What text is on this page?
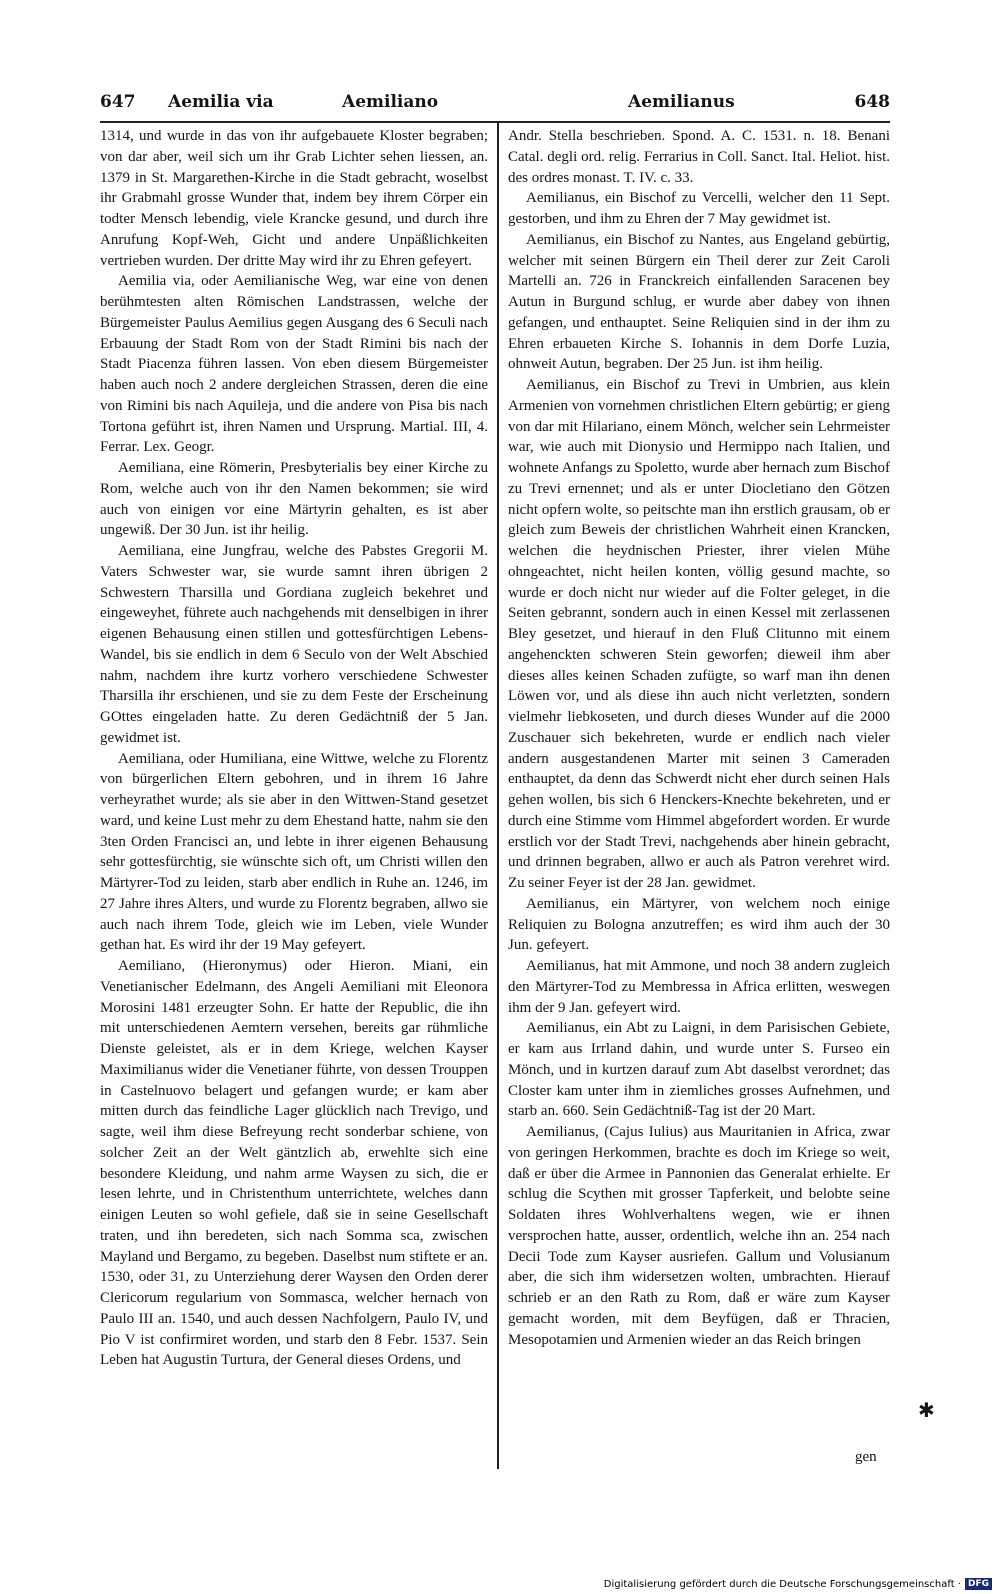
647 Aemilia via	Aemiliano	Aemilianus	648

1314, und wurde in das von ihr aufgebauete Kloster begraben; von dar aber, weil sich um ihr Grab Lichter sehen liessen, an. 1379 in St. Margarethen-Kirche in die Stadt gebracht, woselbst ihr Grabmahl grosse Wunder that, indem bey ihrem Cörper ein todter Mensch lebendig, viele Krancke gesund, und durch ihre Anrufung Kopf-Weh, Gicht und andere Unpäßlichkeiten vertrieben wurden. Der dritte May wird ihr zu Ehren gefeyert.

Aemilia via, oder Aemilianische Weg, war eine von denen berühmtesten alten Römischen Landstrassen, welche der Bürgemeister Paulus Aemilius gegen Ausgang des 6 Seculi nach Erbauung der Stadt Rom von der Stadt Rimini bis nach der Stadt Piacenza führen lassen. Von eben diesem Bürgemeister haben auch noch 2 andere dergleichen Strassen, deren die eine von Rimini bis nach Aquileja, und die andere von Pisa bis nach Tortona geführt ist, ihren Namen und Ursprung. Martial. III, 4. Ferrar. Lex. Geogr.

Aemiliana, eine Römerin, Presbyterialis bey einer Kirche zu Rom, welche auch von ihr den Namen bekommen; sie wird auch von einigen vor eine Märtyrin gehalten, es ist aber ungewiß. Der 30 Jun. ist ihr heilig.

Aemiliana, eine Jungfrau, welche des Pabstes Gregorii M. Vaters Schwester war, sie wurde samnt ihren übrigen 2 Schwestern Tharsilla und Gordiana zugleich bekehret und eingeweyhet, führete auch nachgehends mit denselbigen in ihrer eigenen Behausung einen stillen und gottesfürchtigen Lebens-Wandel, bis sie endlich in dem 6 Seculo von der Welt Abschied nahm, nachdem ihre kurtz vorhero verschiedene Schwester Tharsilla ihr erschienen, und sie zu dem Feste der Erscheinung GOttes eingeladen hatte. Zu deren Gedächtniß der 5 Jan. gewidmet ist.

Aemiliana, oder Humiliana, eine Wittwe, welche zu Florentz von bürgerlichen Eltern gebohren, und in ihrem 16 Jahre verheyrathet wurde; als sie aber in den Wittwen-Stand gesetzet ward, und keine Lust mehr zu dem Ehestand hatte, nahm sie den 3ten Orden Francisci an, und lebte in ihrer eigenen Behausung sehr gottesfürchtig, sie wünschte sich oft, um Christi willen den Märtyrer-Tod zu leiden, starb aber endlich in Ruhe an. 1246, im 27 Jahre ihres Alters, und wurde zu Florentz begraben, allwo sie auch nach ihrem Tode, gleich wie im Leben, viele Wunder gethan hat. Es wird ihr der 19 May gefeyert.

Aemiliano, (Hieronymus) oder Hieron. Miani, ein Venetianischer Edelmann, des Angeli Aemiliani mit Eleonora Morosini 1481 erzeugter Sohn. Er hatte der Republic, die ihn mit unterschiedenen Aemtern versehen, bereits gar rühmliche Dienste geleistet, als er in dem Kriege, welchen Kayser Maximilianus wider die Venetianer führte, von dessen Trouppen in Castelnuovo belagert und gefangen wurde; er kam aber mitten durch das feindliche Lager glücklich nach Trevigo, und sagte, weil ihm diese Befreyung recht sonderbar schiene, von solcher Zeit an der Welt gäntzlich ab, erwehlte sich eine besondere Kleidung, und nahm arme Waysen zu sich, die er lesen lehrte, und in Christenthum unterrichtete, welches dann einigen Leuten so wohl gefiele, daß sie in seine Gesellschaft traten, und ihn beredeten, sich nach Somma sca, zwischen Mayland und Bergamo, zu begeben. Daselbst num stiftete er an. 1530, oder 31, zu Unterziehung derer Waysen den Orden derer Clericorum regularium von Sommasca, welcher hernach von Paulo III an. 1540, und auch dessen Nachfolgern, Paulo IV, und Pio V ist confirmiret worden, und starb den 8 Febr. 1537. Sein Leben hat Augustin Turtura, der General dieses Ordens, und

Andr. Stella beschrieben. Spond. A. C. 1531. n. 18. Benani Catal. degli ord. relig. Ferrarius in Coll. Sanct. Ital. Heliot. hist. des ordres monast. T. IV. c. 33.

Aemilianus, ein Bischof zu Vercelli, welcher den 11 Sept. gestorben, und ihm zu Ehren der 7 May gewidmet ist.

Aemilianus, ein Bischof zu Nantes, aus Engeland gebürtig, welcher mit seinen Bürgern ein Theil derer zur Zeit Caroli Martelli an. 726 in Franckreich einfallenden Saracenen bey Autun in Burgund schlug, er wurde aber dabey von ihnen gefangen, und enthauptet. Seine Reliquien sind in der ihm zu Ehren erbaueten Kirche S. Iohannis in dem Dorfe Luzia, ohnweit Autun, begraben. Der 25 Jun. ist ihm heilig.

Aemilianus, ein Bischof zu Trevi in Umbrien, aus klein Armenien von vornehmen christlichen Eltern gebürtig; er gieng von dar mit Hilariano, einem Mönch, welcher sein Lehrmeister war, wie auch mit Dionysio und Hermippo nach Italien, und wohnete Anfangs zu Spoletto, wurde aber hernach zum Bischof zu Trevi ernennet; und als er unter Diocletiano den Götzen nicht opfern wolte, so peitschte man ihn erstlich grausam, ob er gleich zum Beweis der christlichen Wahrheit einen Krancken, welchen die heydnischen Priester, ihrer vielen Mühe ohngeachtet, nicht heilen konten, völlig gesund machte, so wurde er doch nicht nur wieder auf die Folter geleget, in die Seiten gebrannt, sondern auch in einen Kessel mit zerlassenen Bley gesetzet, und hierauf in den Fluß Clitunno mit einem angehenckten schweren Stein geworfen; dieweil ihm aber dieses alles keinen Schaden zufügte, so warf man ihn denen Löwen vor, und als diese ihn auch nicht verletzten, sondern vielmehr liebkoseten, und durch dieses Wunder auf die 2000 Zuschauer sich bekehreten, wurde er endlich nach vieler andern ausgestandenen Marter mit seinen 3 Cameraden enthauptet, da denn das Schwerdt nicht eher durch seinen Hals gehen wollen, bis sich 6 Henckers-Knechte bekehreten, und er durch eine Stimme vom Himmel abgefordert worden. Er wurde erstlich vor der Stadt Trevi, nachgehends aber hinein gebracht, und drinnen begraben, allwo er auch als Patron verehret wird. Zu seiner Feyer ist der 28 Jan. gewidmet.

Aemilianus, ein Märtyrer, von welchem noch einige Reliquien zu Bologna anzutreffen; es wird ihm auch der 30 Jun. gefeyert.

Aemilianus, hat mit Ammone, und noch 38 andern zugleich den Märtyrer-Tod zu Membressa in Africa erlitten, weswegen ihm der 9 Jan. gefeyert wird.

Aemilianus, ein Abt zu Laigni, in dem Parisischen Gebiete, er kam aus Irrland dahin, und wurde unter S. Furseo ein Mönch, und in kurtzen darauf zum Abt daselbst verordnet; das Closter kam unter ihm in ziemliches grosses Aufnehmen, und starb an. 660. Sein Gedächtniß-Tag ist der 20 Mart.

Aemilianus, (Cajus Iulius) aus Mauritanien in Africa, zwar von geringen Herkommen, brachte es doch im Kriege so weit, daß er über die Armee in Pannonien das Generalat erhielte. Er schlug die Scythen mit grosser Tapferkeit, und belobte seine Soldaten ihres Wohlverhaltens wegen, wie er ihnen versprochen hatte, ausser, ordentlich, welche ihn an. 254 nach Decii Tode zum Kayser ausriefen. Gallum und Volusianum aber, die sich ihm widersetzen wolten, umbrachten. Hierauf schrieb er an den Rath zu Rom, daß er wäre zum Kayser gemacht worden, mit dem Beyfügen, daß er Thracien, Mesopotamien und Armenien wieder an das Reich bringen

gen
✱
Digitalisierung gefördert durch die Deutsche Forschungsgemeinschaft · DFG
